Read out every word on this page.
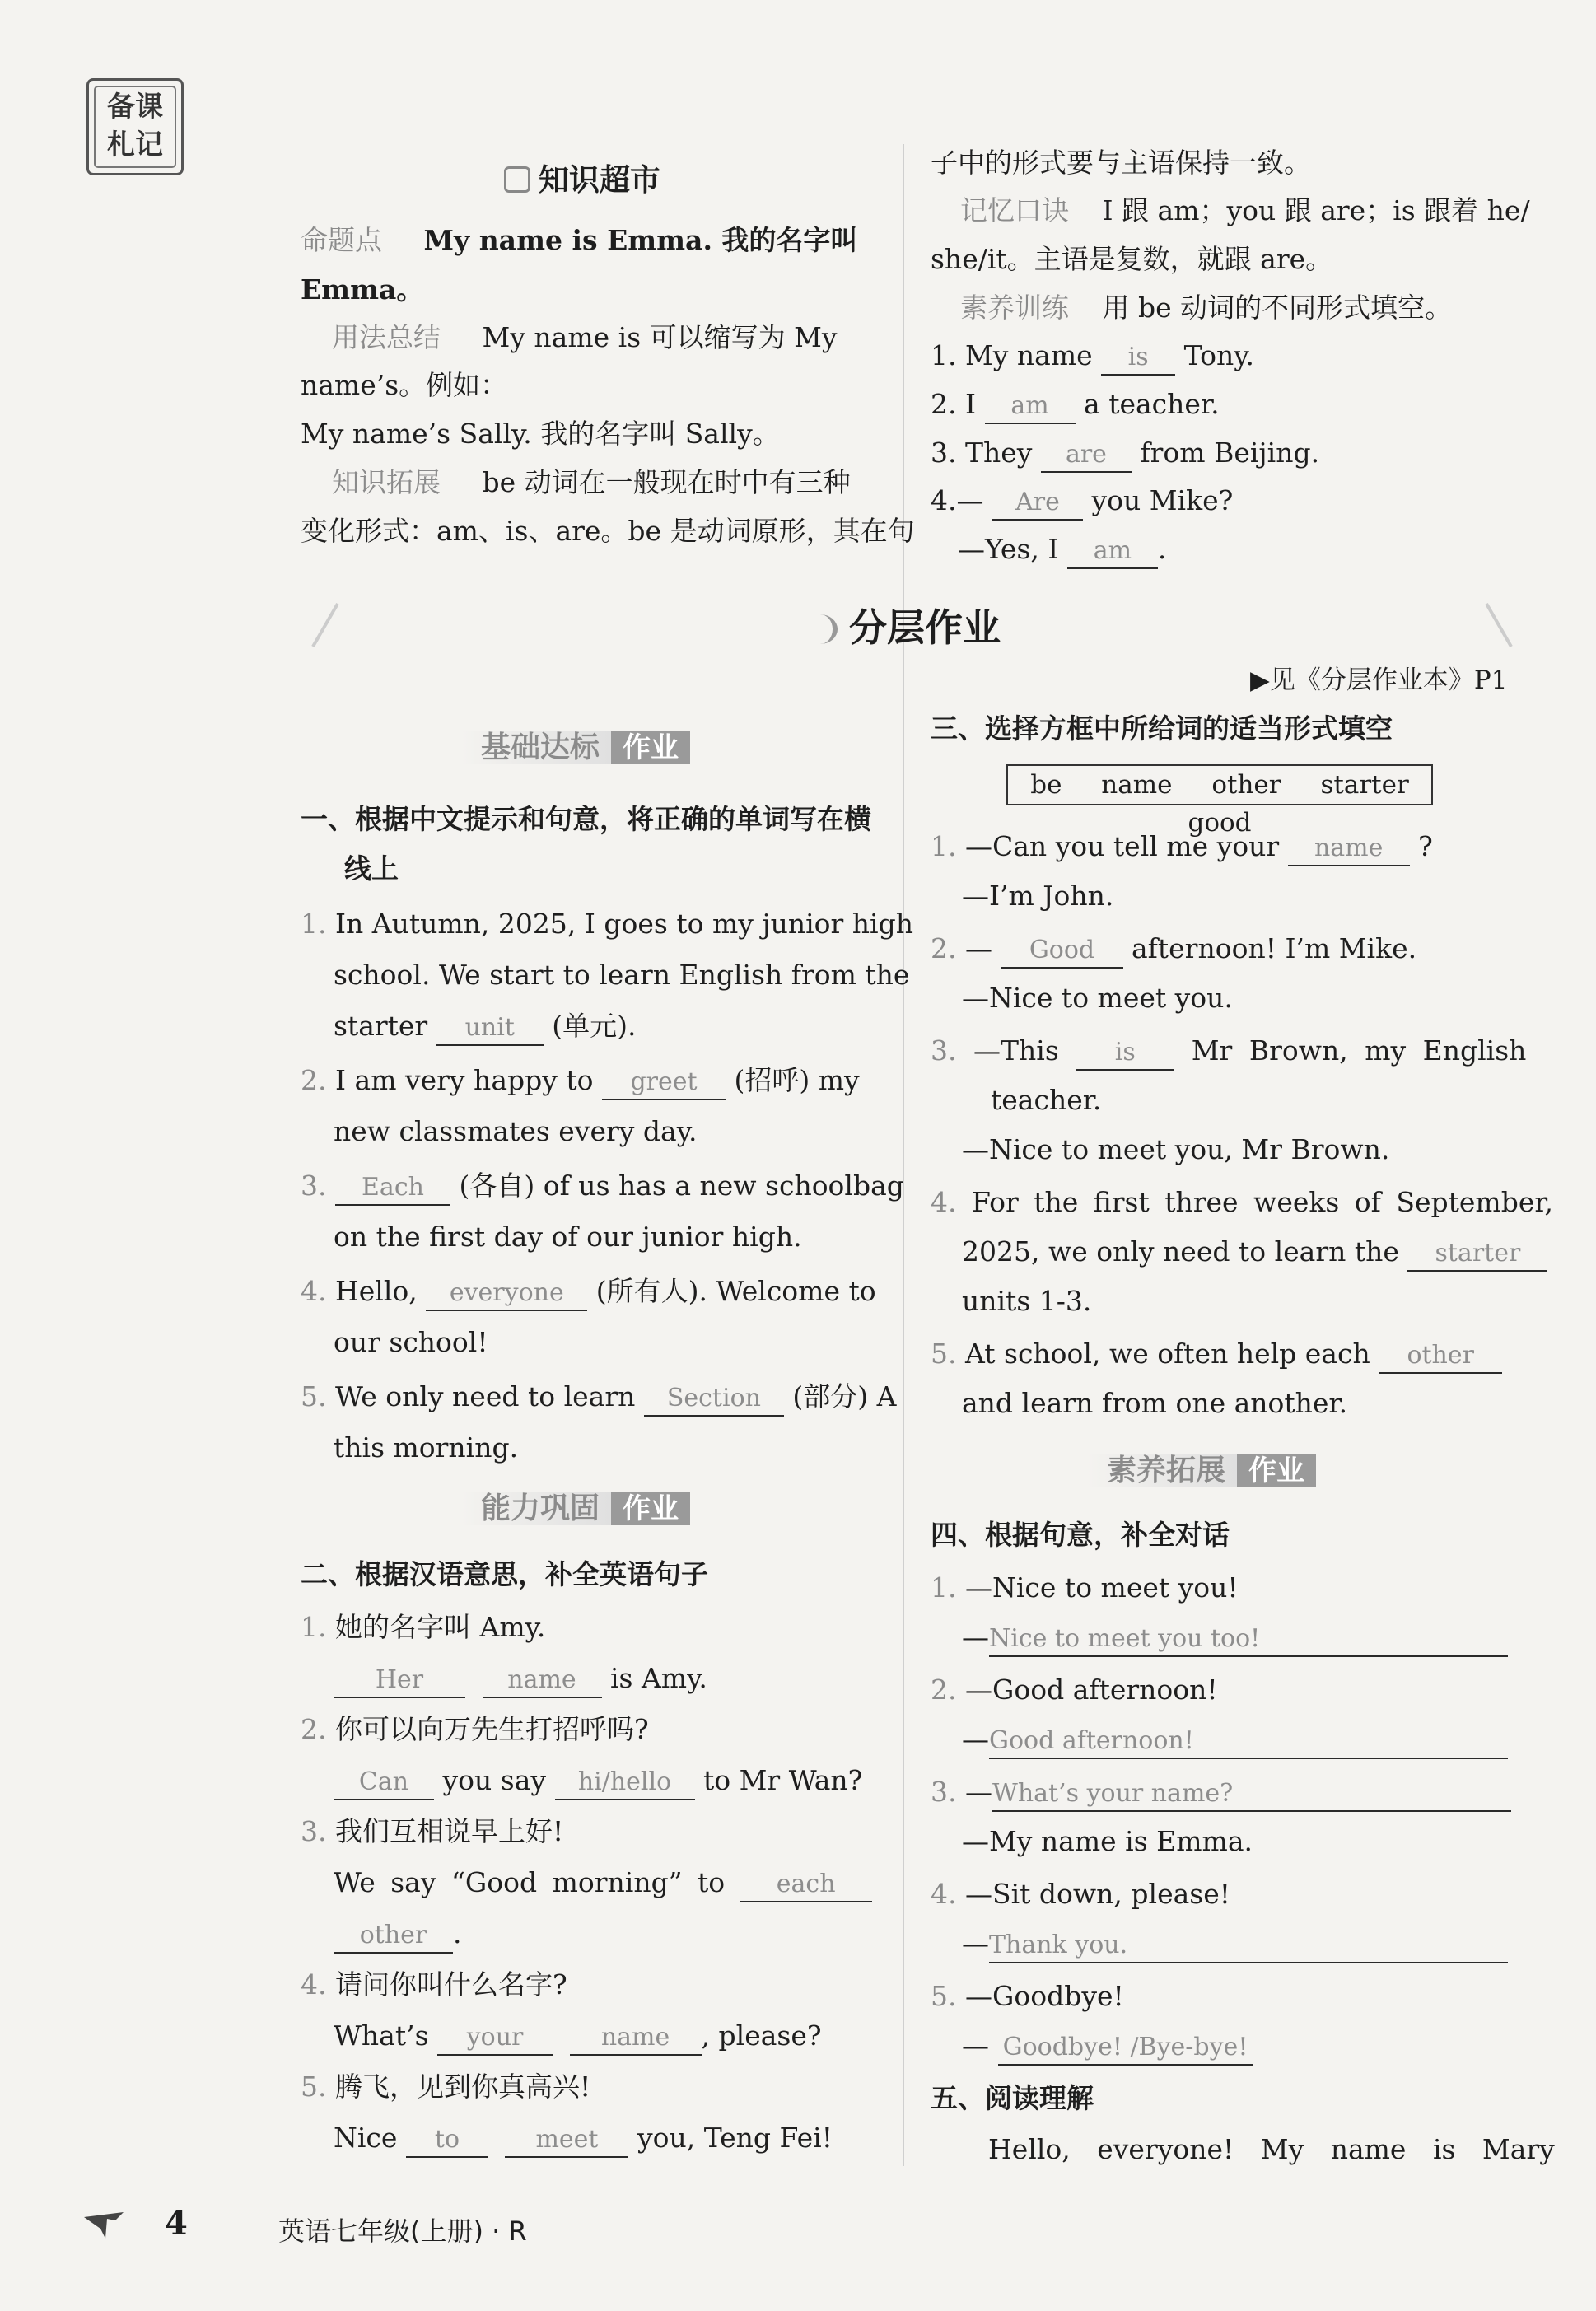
备课
札记
知识超市
命题点 My name is Emma. 我的名字叫
Emma。
用法总结 My name is 可以缩写为 My
name’s。例如：
My name’s Sally. 我的名字叫 Sally。
知识拓展 be 动词在一般现在时中有三种
变化形式：am、is、are。be 是动词原形，其在句
子中的形式要与主语保持一致。
记忆口诀 I 跟 am；you 跟 are；is 跟着 he/
she/it。主语是复数，就跟 are。
素养训练 用 be 动词的不同形式填空。
1. My name is Tony.
2. I am a teacher.
3. They are from Beijing.
4.— Are you Mike?
—Yes, I am .
分层作业
▶见《分层作业本》P1
基础达标 作业
一、根据中文提示和句意，将正确的单词写在横
线上
1. In Autumn, 2025, I goes to my junior high
school. We start to learn English from the
starter unit (单元).
2. I am very happy to greet (招呼) my
new classmates every day.
3. Each (各自) of us has a new schoolbag
on the first day of our junior high.
4. Hello, everyone (所有人). Welcome to
our school!
5. We only need to learn Section (部分) A
this morning.
能力巩固 作业
二、根据汉语意思，补全英语句子
1. 她的名字叫 Amy.
Her	name is Amy.
2. 你可以向万先生打招呼吗?
Can you say hi/hello to Mr Wan?
3. 我们互相说早上好!
We say “Good morning” to each
other .
4. 请问你叫什么名字?
What’s your	name , please?
5. 腾飞，见到你真高兴!
Nice to	meet you, Teng Fei!
三、选择方框中所给词的适当形式填空
be name other starter good
1. —Can you tell me your name ?
—I’m John.
2. — Good afternoon! I’m Mike.
—Nice to meet you.
3. —This is Mr Brown, my English
teacher.
—Nice to meet you, Mr Brown.
4. For the first three weeks of September,
2025, we only need to learn the starter
units 1-3.
5. At school, we often help each other
and learn from one another.
素养拓展 作业
四、根据句意，补全对话
1. —Nice to meet you!
—Nice to meet you too!
2. —Good afternoon!
—Good afternoon!
3. —What’s your name?
—My name is Emma.
4. —Sit down, please!
—Thank you.
5. —Goodbye!
— Goodbye! /Bye-bye!
五、阅读理解
Hello, everyone! My name is Mary
4	英语七年级(上册) · R
